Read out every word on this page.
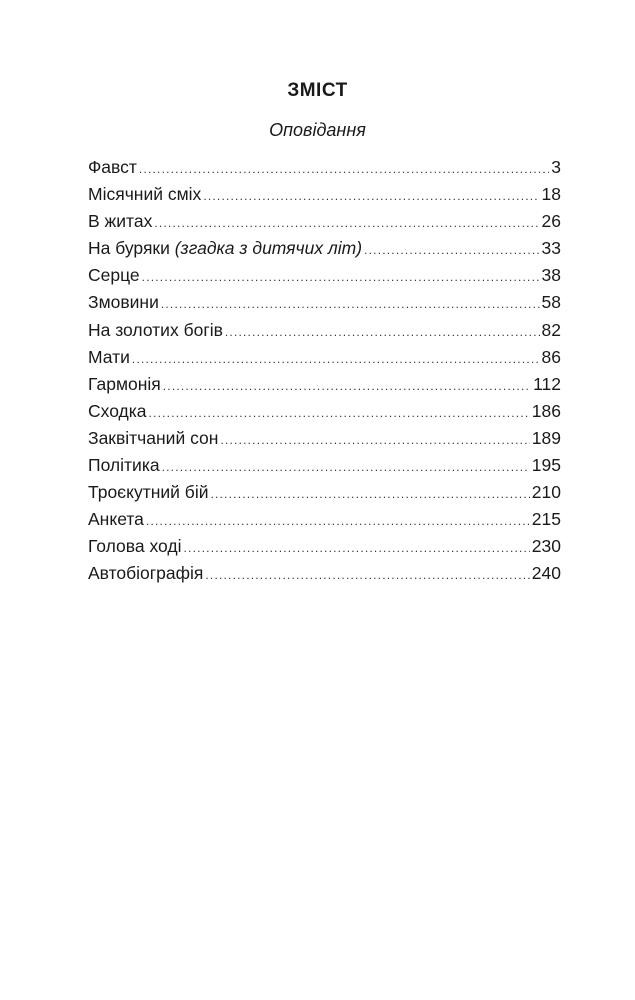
ЗМІСТ
Оповідання
Фавст .....	3
Місячний сміх .....	18
В житах .....	26
На буряки (згадка з дитячих літ) .....	33
Серце .....	38
Змовини .....	58
На золотих богів .....	82
Мати .....	86
Гармонія .....	112
Сходка .....	186
Заквітчаний сон .....	189
Політика .....	195
Троєкутний бій .....	210
Анкета .....	215
Голова ході .....	230
Автобіографія .....	240
